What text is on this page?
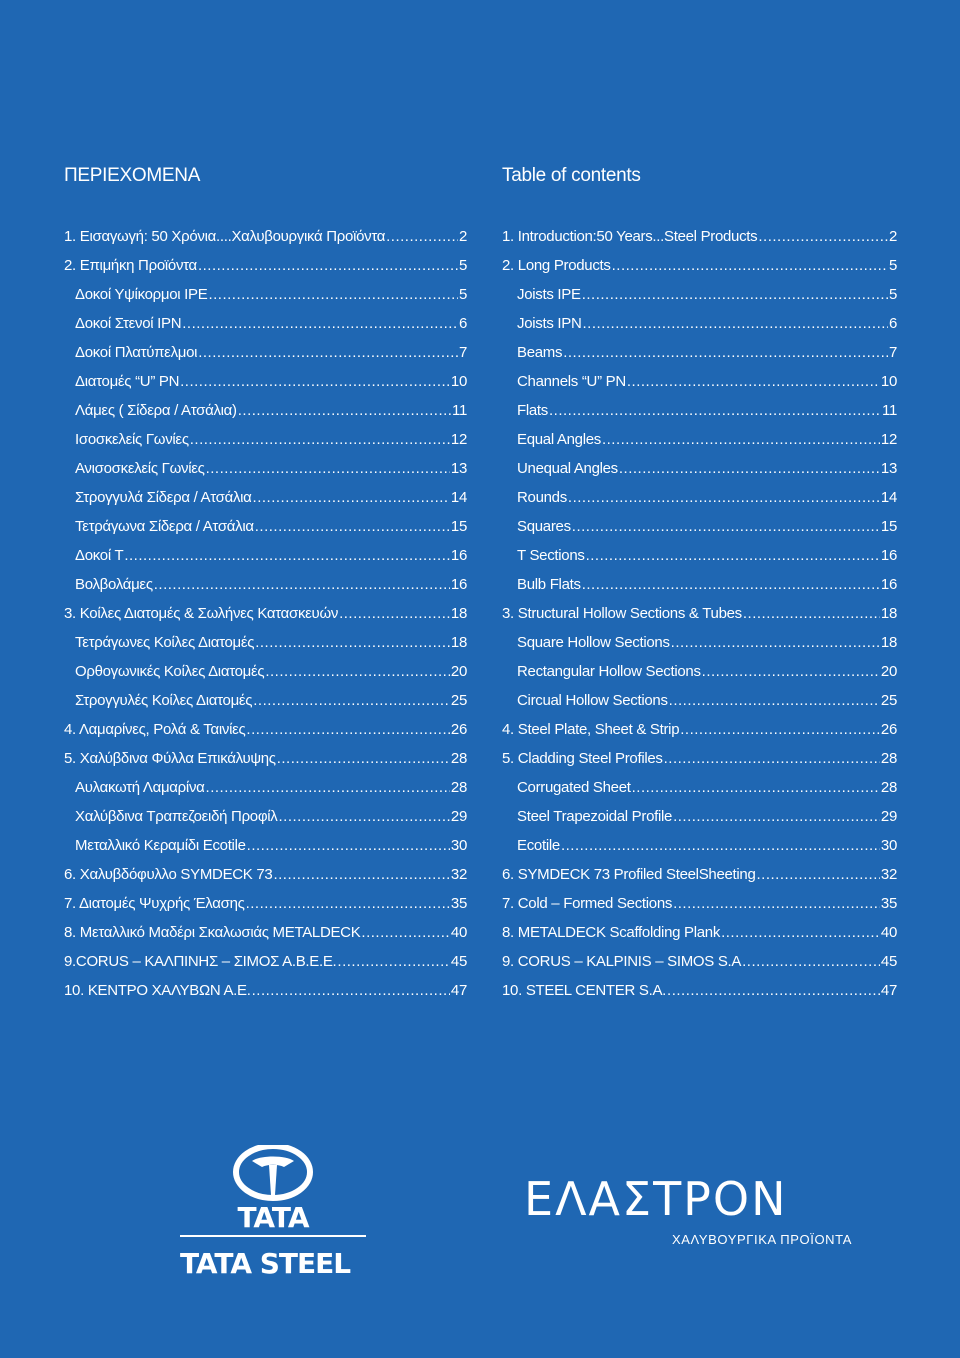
ΠΕΡΙΕΧΟΜΕΝΑ
1. Εισαγωγή: 50 Χρόνια....Χαλυβουργικά Προϊόντα .....	2
2. Επιμήκη Προϊόντα .....	5
Δοκοί Υψίκορμοι IPE .....	5
Δοκοί Στενοί IPN .....	6
Δοκοί Πλατύπελμοι .....	7
Διατομές “U” PN .....	10
Λάμες ( Σίδερα / Ατσάλια) .....	11
Ισοσκελείς Γωνίες .....	12
Ανισοσκελείς Γωνίες .....	13
Στρογγυλά Σίδερα / Ατσάλια .....	14
Τετράγωνα Σίδερα / Ατσάλια .....	15
Δοκοί Τ .....	16
Βολβολάμες .....	16
3. Κοίλες Διατομές & Σωλήνες Κατασκευών .....	18
Τετράγωνες Κοίλες Διατομές .....	18
Ορθογωνικές Κοίλες Διατομές .....	20
Στρογγυλές Κοίλες Διατομές .....	25
4. Λαμαρίνες, Ρολά & Ταινίες .....	26
5. Χαλύβδινα Φύλλα Επικάλυψης .....	28
Αυλακωτή Λαμαρίνα .....	28
Χαλύβδινα Τραπεζοειδή Προφίλ .....	29
Μεταλλικό Κεραμίδι Ecotile .....	30
6. Χαλυβδόφυλλο SYMDECK 73 .....	32
7. Διατομές Ψυχρής Έλασης .....	35
8. Μεταλλικό Μαδέρι Σκαλωσιάς METALDECK .....	40
9.CORUS – ΚΑΛΠΙΝΗΣ – ΣΙΜΟΣ Α.Β.Ε.Ε. .....	45
10. ΚΕΝΤΡΟ ΧΑΛΥΒΩΝ Α.Ε. .....	47
Table of contents
1. Introduction:50 Years...Steel Products .....	2
2. Long Products .....	5
Joists IPE .....	5
Joists IPN .....	6
Beams .....	7
Channels “U” PN .....	10
Flats .....	11
Equal Angles .....	12
Unequal Angles .....	13
Rounds .....	14
Squares .....	15
T Sections .....	16
Bulb Flats .....	16
3. Structural Hollow Sections & Tubes .....	18
Square Hollow Sections .....	18
Rectangular Hollow Sections .....	20
Circual Hollow Sections .....	25
4. Steel Plate, Sheet & Strip .....	26
5. Cladding Steel Profiles .....	28
Corrugated Sheet .....	28
Steel Trapezoidal Profile .....	29
Ecotile .....	30
6. SYMDECK 73 Profiled SteelSheeting .....	32
7. Cold – Formed Sections .....	35
8. METALDECK Scaffolding Plank .....	40
9. CORUS – KALPINIS – SIMOS S.A .....	45
10. STEEL CENTER S.A. .....	47
TATA
TATA STEEL
ΕΛΑΣΤΡΟΝ
ΧΑΛΥΒΟΥΡΓΙΚΑ ΠΡΟΪΟΝΤΑ
